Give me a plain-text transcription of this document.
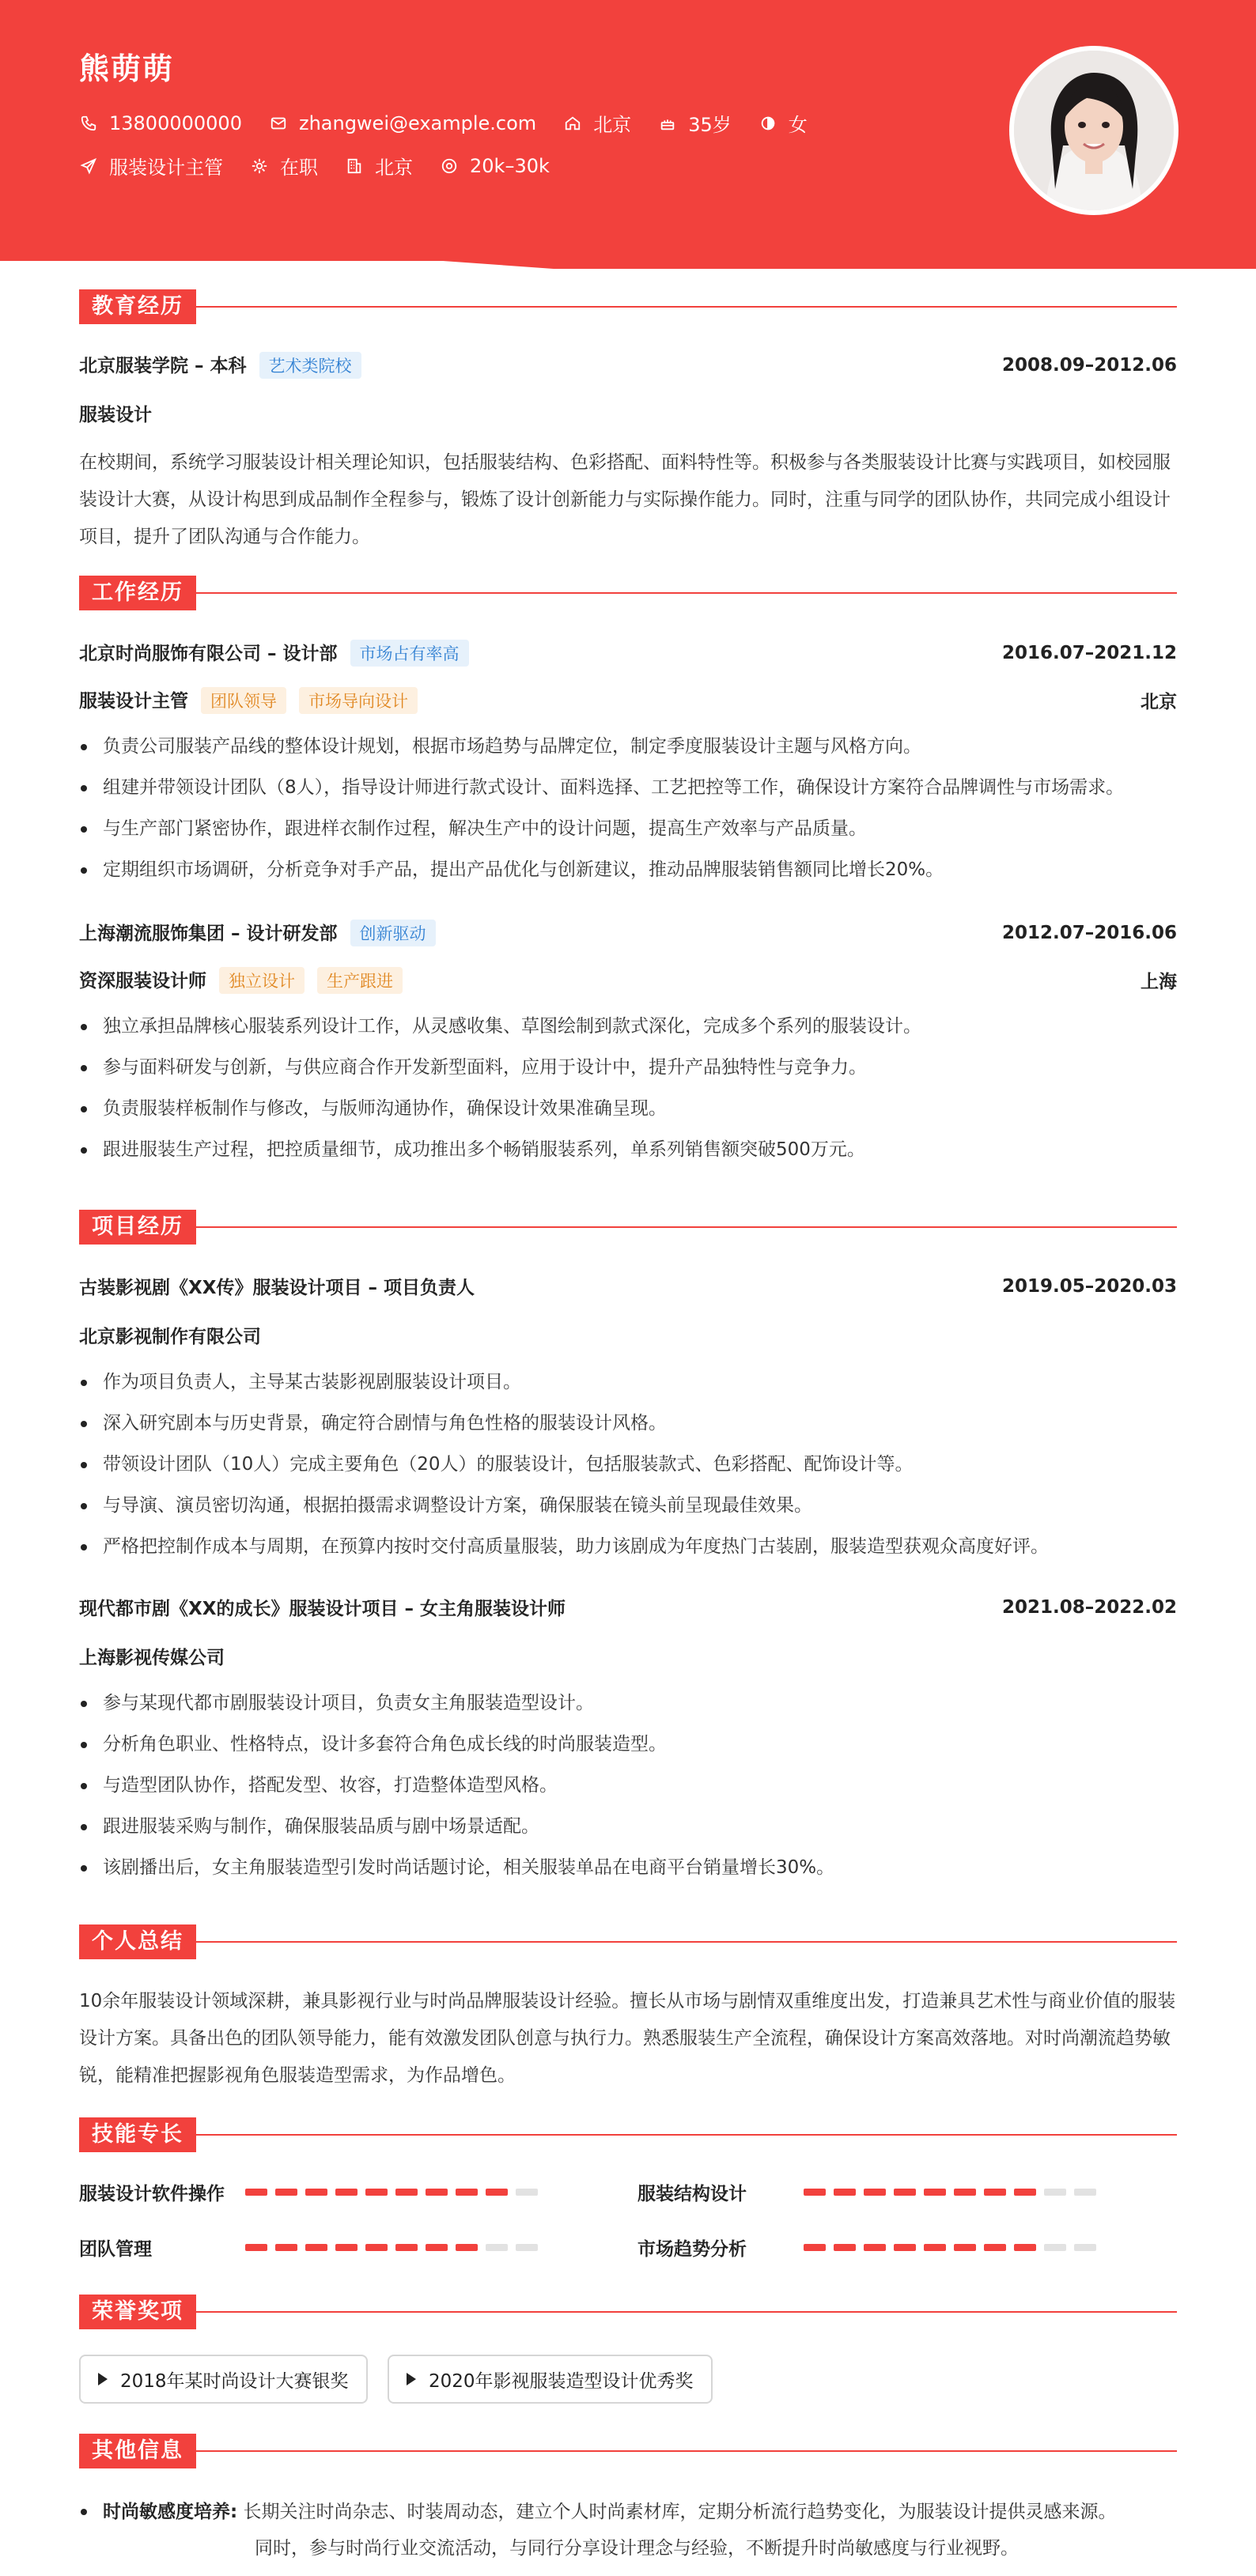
熊萌萌
13800000000	zhangwei@example.com	北京	35岁	女
服装设计主管	在职	北京	20k–30k
教育经历
北京服装学院 – 本科 艺术类院校	2008.09–2012.06
服装设计
在校期间，系统学习服装设计相关理论知识，包括服装结构、色彩搭配、面料特性等。积极参与各类服装设计比赛与实践项目，如校园服装设计大赛，从设计构思到成品制作全程参与，锻炼了设计创新能力与实际操作能力。同时，注重与同学的团队协作，共同完成小组设计项目，提升了团队沟通与合作能力。
工作经历
北京时尚服饰有限公司 – 设计部 市场占有率高	2016.07–2021.12
服装设计主管 团队领导 市场导向设计	北京
负责公司服装产品线的整体设计规划，根据市场趋势与品牌定位，制定季度服装设计主题与风格方向。
组建并带领设计团队（8人），指导设计师进行款式设计、面料选择、工艺把控等工作，确保设计方案符合品牌调性与市场需求。
与生产部门紧密协作，跟进样衣制作过程，解决生产中的设计问题，提高生产效率与产品质量。
定期组织市场调研，分析竞争对手产品，提出产品优化与创新建议，推动品牌服装销售额同比增长20%。
上海潮流服饰集团 – 设计研发部 创新驱动	2012.07–2016.06
资深服装设计师 独立设计 生产跟进	上海
独立承担品牌核心服装系列设计工作，从灵感收集、草图绘制到款式深化，完成多个系列的服装设计。
参与面料研发与创新，与供应商合作开发新型面料，应用于设计中，提升产品独特性与竞争力。
负责服装样板制作与修改，与版师沟通协作，确保设计效果准确呈现。
跟进服装生产过程，把控质量细节，成功推出多个畅销服装系列，单系列销售额突破500万元。
项目经历
古装影视剧《XX传》服装设计项目 – 项目负责人	2019.05–2020.03
北京影视制作有限公司
作为项目负责人，主导某古装影视剧服装设计项目。
深入研究剧本与历史背景，确定符合剧情与角色性格的服装设计风格。
带领设计团队（10人）完成主要角色（20人）的服装设计，包括服装款式、色彩搭配、配饰设计等。
与导演、演员密切沟通，根据拍摄需求调整设计方案，确保服装在镜头前呈现最佳效果。
严格把控制作成本与周期，在预算内按时交付高质量服装，助力该剧成为年度热门古装剧，服装造型获观众高度好评。
现代都市剧《XX的成长》服装设计项目 – 女主角服装设计师	2021.08–2022.02
上海影视传媒公司
参与某现代都市剧服装设计项目，负责女主角服装造型设计。
分析角色职业、性格特点，设计多套符合角色成长线的时尚服装造型。
与造型团队协作，搭配发型、妆容，打造整体造型风格。
跟进服装采购与制作，确保服装品质与剧中场景适配。
该剧播出后，女主角服装造型引发时尚话题讨论，相关服装单品在电商平台销量增长30%。
个人总结
10余年服装设计领域深耕，兼具影视行业与时尚品牌服装设计经验。擅长从市场与剧情双重维度出发，打造兼具艺术性与商业价值的服装设计方案。具备出色的团队领导能力，能有效激发团队创意与执行力。熟悉服装生产全流程，确保设计方案高效落地。对时尚潮流趋势敏锐，能精准把握影视角色服装造型需求，为作品增色。
技能专长
服装设计软件操作	服装结构设计
团队管理	市场趋势分析
荣誉奖项
2018年某时尚设计大赛银奖	2020年影视服装造型设计优秀奖
其他信息
时尚敏感度培养: 长期关注时尚杂志、时装周动态，建立个人时尚素材库，定期分析流行趋势变化，为服装设计提供灵感来源。
同时，参与时尚行业交流活动，与同行分享设计理念与经验，不断提升时尚敏感度与行业视野。
